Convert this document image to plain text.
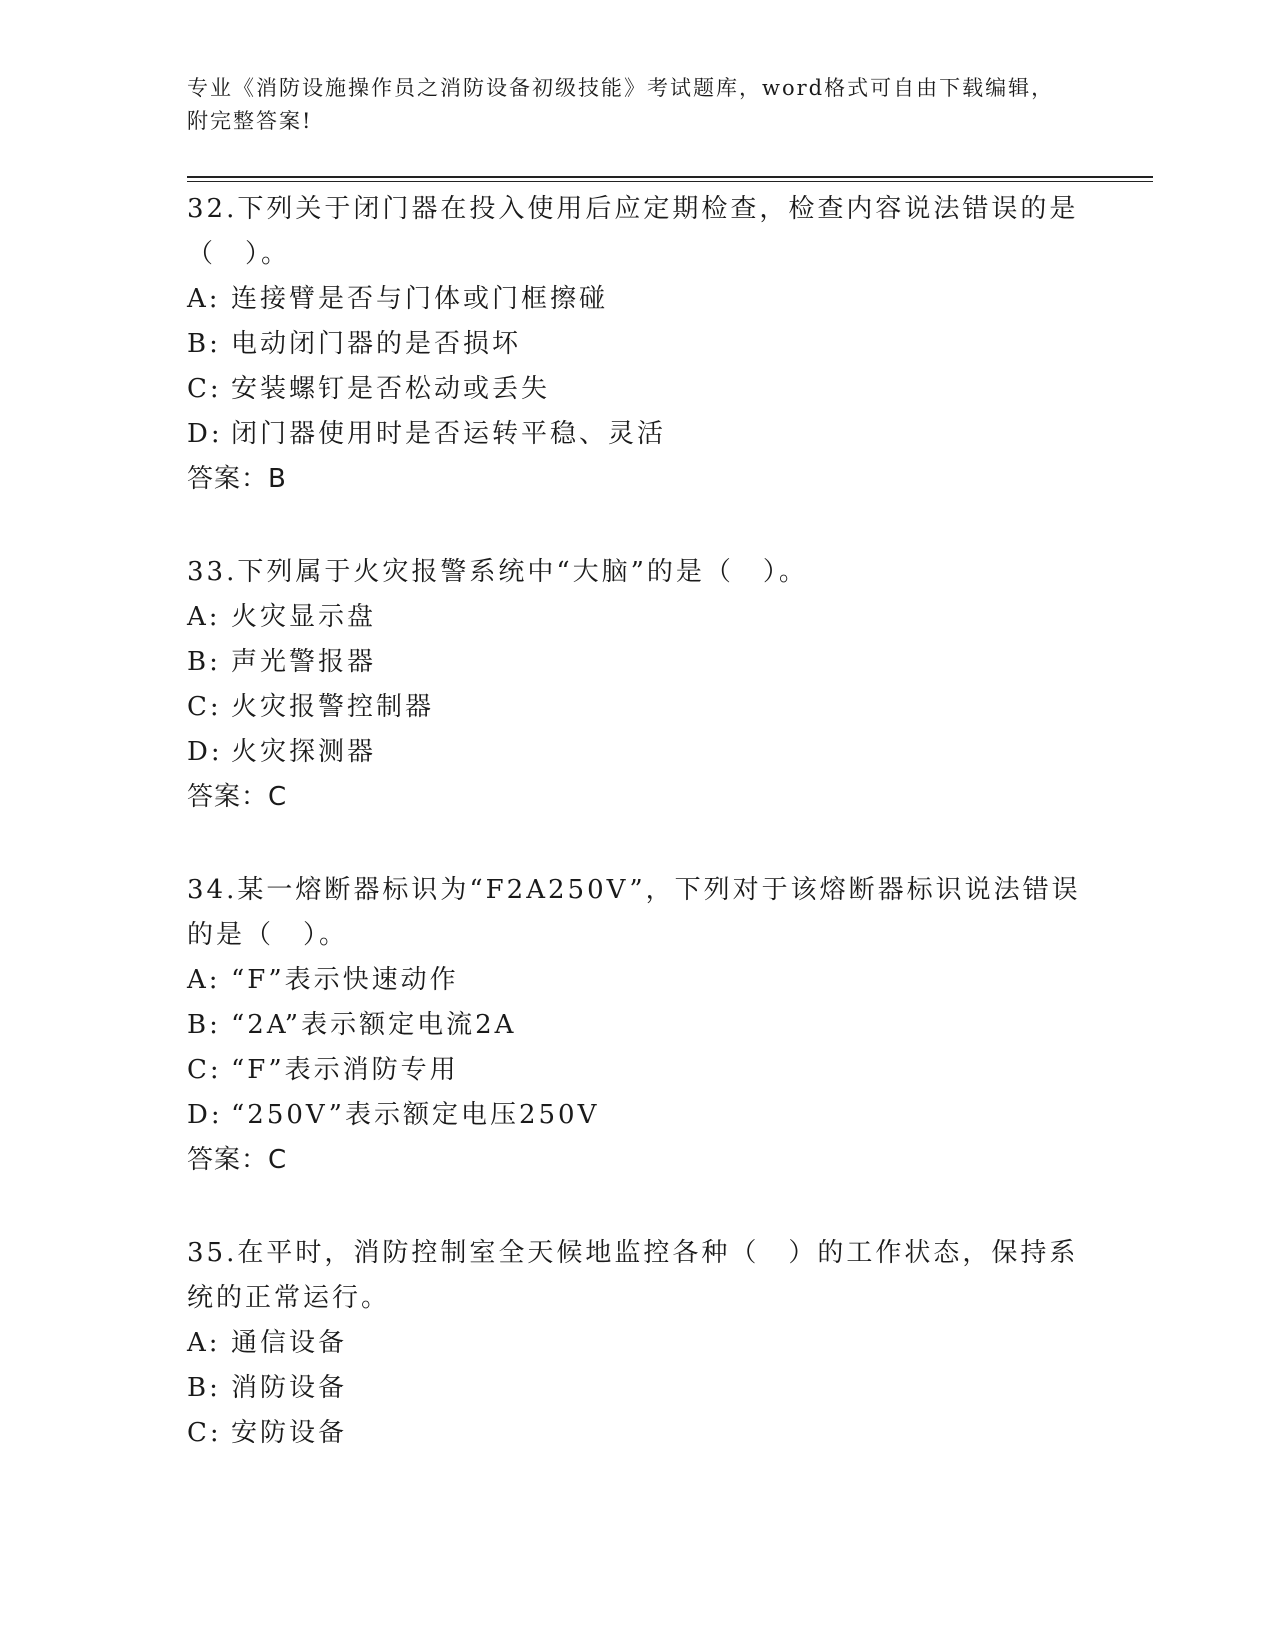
专业《消防设施操作员之消防设备初级技能》考试题库，word格式可自由下载编辑，附完整答案!

32.下列关于闭门器在投入使用后应定期检查，检查内容说法错误的是（　）。

A: 连接臂是否与门体或门框擦碰

B: 电动闭门器的是否损坏

C: 安装螺钉是否松动或丢失

D: 闭门器使用时是否运转平稳、灵活

答案：B

33.下列属于火灾报警系统中“大脑”的是（　）。

A: 火灾显示盘

B: 声光警报器

C: 火灾报警控制器

D: 火灾探测器

答案：C

34.某一熔断器标识为“F2A250V”，下列对于该熔断器标识说法错误的是（　）。

A: “F”表示快速动作

B: “2A”表示额定电流2A

C: “F”表示消防专用

D: “250V”表示额定电压250V

答案：C

35.在平时，消防控制室全天候地监控各种（　）的工作状态，保持系统的正常运行。

A: 通信设备

B: 消防设备

C: 安防设备
